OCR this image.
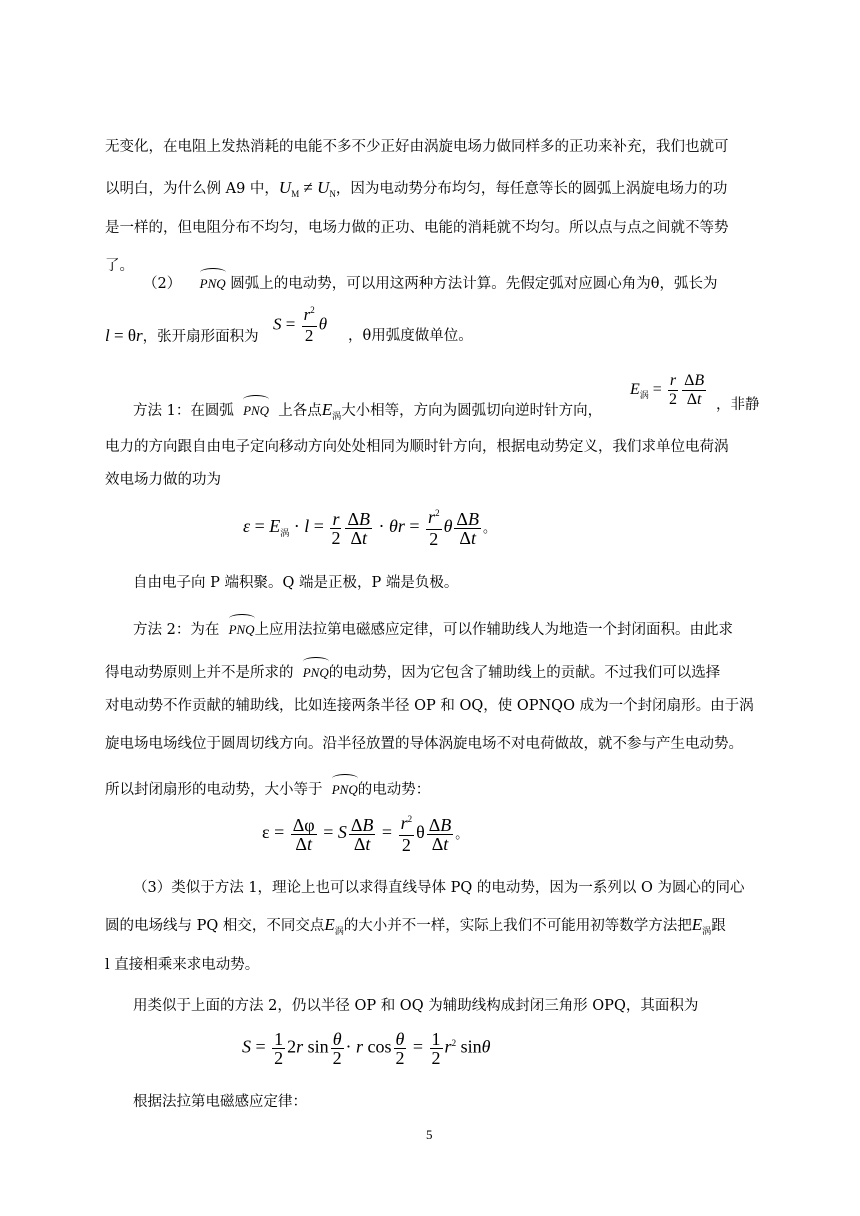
无变化，在电阻上发热消耗的电能不多不少正好由涡旋电场力做同样多的正功来补充，我们也就可
以明白，为什么例 A9 中，$U_M \ne U_N$，因为电动势分布均匀，每任意等长的圆弧上涡旋电场力的功
是一样的，但电阻分布不均匀，电场力做的正功、电能的消耗就不均匀。所以点与点之间就不等势
了。
（2） PNQ 圆弧上的电动势，可以用这两种方法计算。先假定弧对应圆心角为θ，弧长为
l = θr，张开扇形面积为
$S = \frac{r^2}{2}$ θ
，θ用弧度做单位。
方法 1：在圆弧 PNQ 上各点$E_涡$大小相等，方向为圆弧切向逆时针方向，
$E_涡 = \frac{r}{2} \frac{\Delta B}{\Delta t}$ ，非静
电力的方向跟自由电子定向移动方向处处相同为顺时针方向，根据电动势定义，我们求单位电荷涡
效电场力做的功为
$\varepsilon = E_涡 \cdot l = \frac{r}{2} \frac{\Delta B}{\Delta t} \cdot \theta r = \frac{r^2}{2}$ θ $\frac{\Delta B}{\Delta t}$ 。
自由电子向 P 端积聚。Q 端是正极，P 端是负极。
方法 2：为在 PNQ上应用法拉第电磁感应定律，可以作辅助线人为地造一个封闭面积。由此求
得电动势原则上并不是所求的 PNQ的电动势，因为它包含了辅助线上的贡献。不过我们可以选择
对电动势不作贡献的辅助线，比如连接两条半径 OP 和 OQ，使 OPNQO 成为一个封闭扇形。由于涡
旋电场电场线位于圆周切线方向。沿半径放置的导体涡旋电场不对电荷做故，就不参与产生电动势。
所以封闭扇形的电动势，大小等于 PNQ的电动势：
$\varepsilon = \frac{\Delta\varphi}{\Delta t} = S \frac{\Delta B}{\Delta t} = \frac{r^2}{2}$ θ $\frac{\Delta B}{\Delta t}$ 。
（3）类似于方法 1，理论上也可以求得直线导体 PQ 的电动势，因为一系列以 O 为圆心的同心
圆的电场线与 PQ 相交，不同交点$E_涡$的大小并不一样，实际上我们不可能用初等数学方法把$E_涡$跟
l 直接相乘来求电动势。
用类似于上面的方法 2，仍以半径 OP 和 OQ 为辅助线构成封闭三角形 OPQ，其面积为
$S = \frac{1}{2} 2r$ $\sin \frac{\theta}{2} \cdot r$ $\cos \frac{\theta}{2} = \frac{1}{2} r^2$ sinθ
根据法拉第电磁感应定律：
5
